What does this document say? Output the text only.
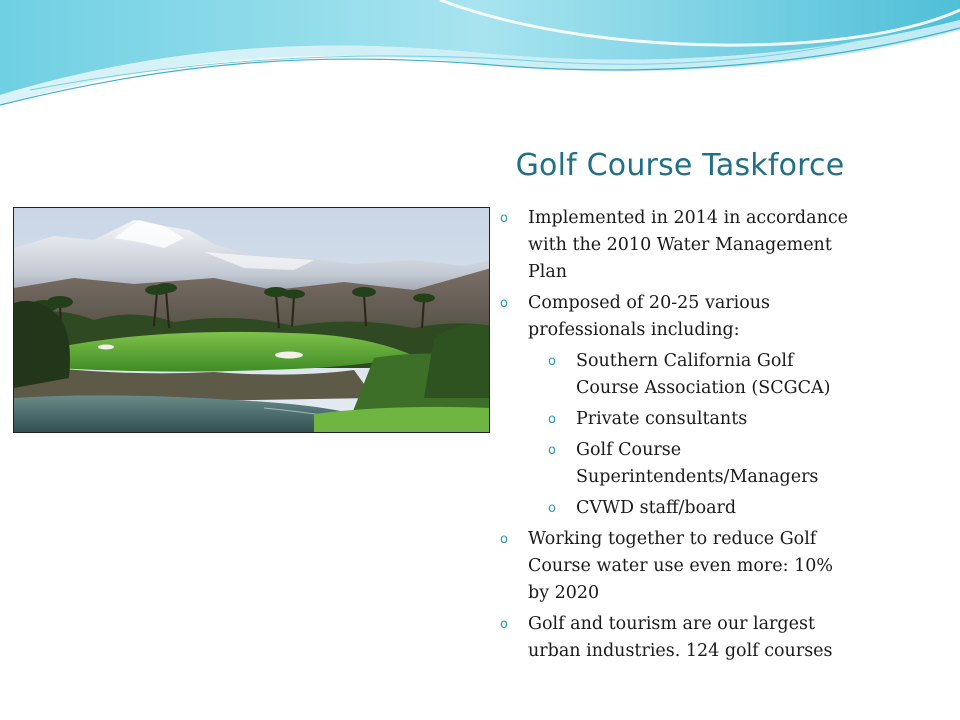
Golf Course Taskforce
o Implemented in 2014 in accordance with the 2010 Water Management Plan
o Composed of 20-25 various professionals including:
o Southern California Golf Course Association (SCGCA)
o Private consultants
o Golf Course Superintendents/Managers
o CVWD staff/board
o Working together to reduce Golf Course water use even more: 10% by 2020
o Golf and tourism are our largest urban industries. 124 golf courses
